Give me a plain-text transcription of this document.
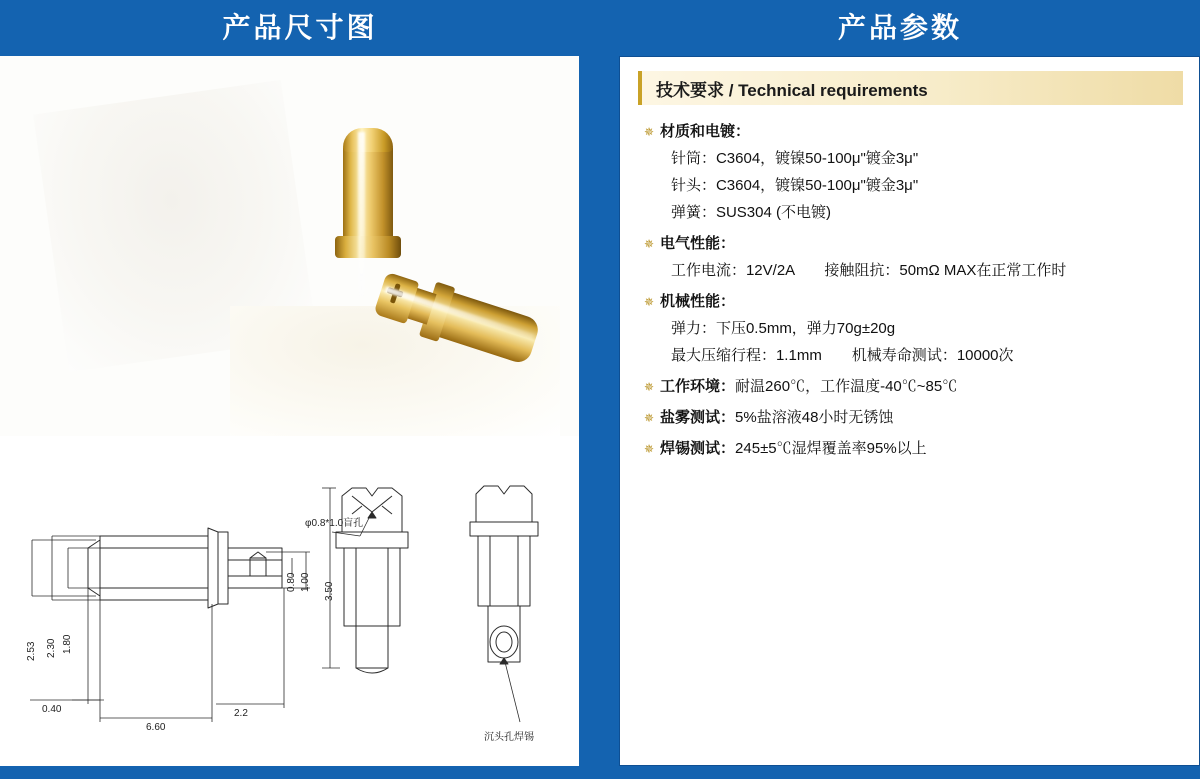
产品尺寸图	产品参数
2.53 2.30 1.80
0.40
6.60
2.2
3.50
1.00
0.80
φ0.8*1.0盲孔
沉头孔焊锡
技术要求 / Technical requirements
✵ 材质和电镀：
针筒：C3604，镀镍50-100μ"镀金3μ"
针头：C3604，镀镍50-100μ"镀金3μ"
弹簧：SUS304 (不电镀)
✵ 电气性能：
工作电流：12V/2A　　接触阻抗：50mΩ MAX在正常工作时
✵ 机械性能：
弹力：下压0.5mm，弹力70g±20g
最大压缩行程：1.1mm　　机械寿命测试：10000次
✵ 工作环境： 耐温260℃，工作温度-40℃~85℃
✵ 盐雾测试： 5%盐溶液48小时无锈蚀
✵ 焊锡测试： 245±5℃湿焊覆盖率95%以上
